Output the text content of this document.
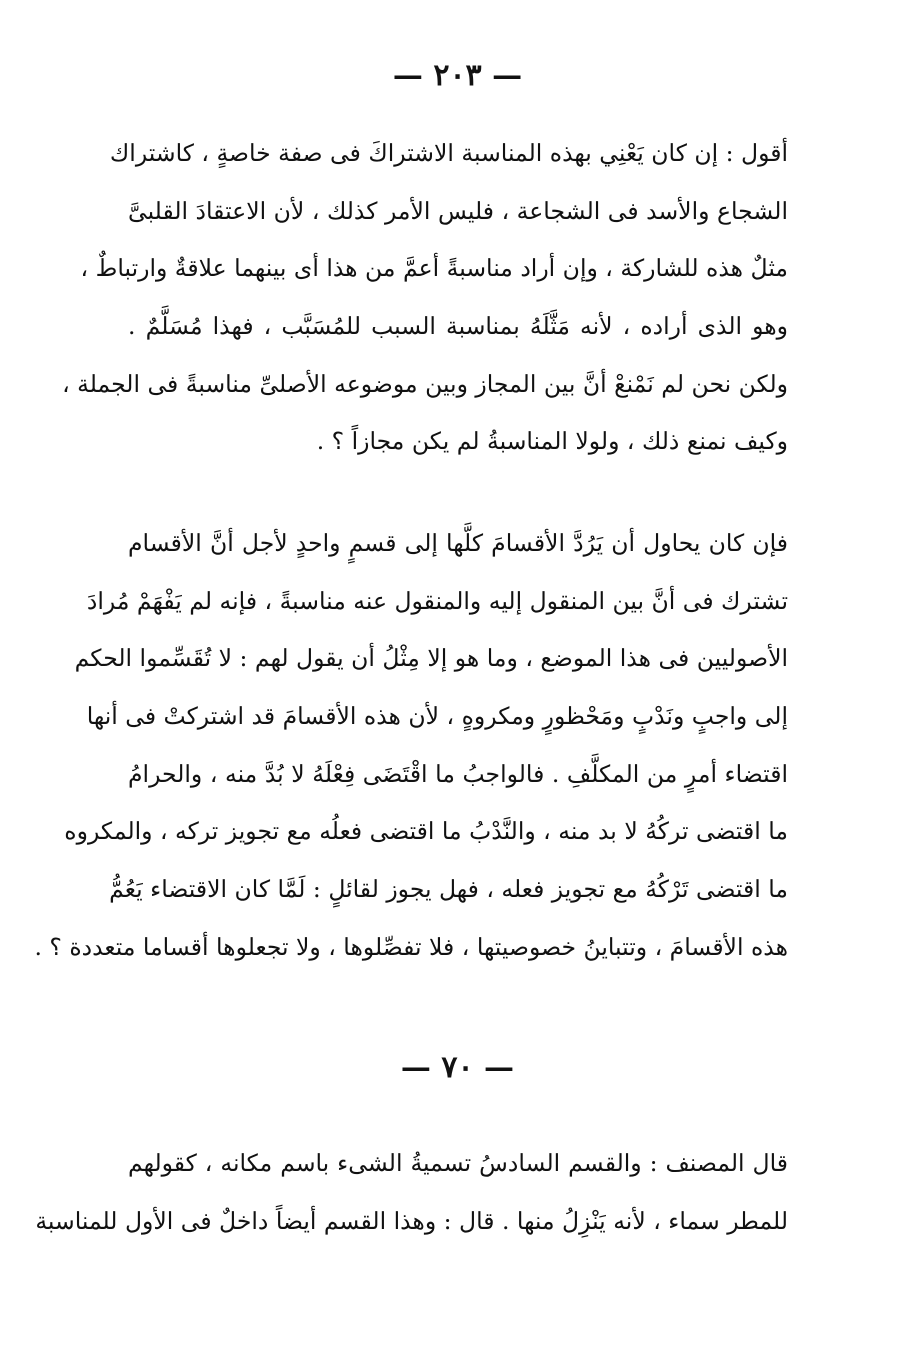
— ٢٠٣ —
أقول : إن كان يَعْنِي بهذه المناسبة الاشتراكَ فى صفة خاصةٍ ، كاشتراك
الشجاع والأسد فى الشجاعة ، فليس الأمر كذلك ، لأن الاعتقادَ القلبىَّ
مثلٌ هذه للشاركة ، وإن أراد مناسبةً أعمَّ من هذا أى بينهما علاقةٌ وارتباطٌ ،
وهو الذى أراده ، لأنه مَثَّلَهُ بمناسبة السبب للمُسَبَّب ، فهذا مُسَلَّمٌ .
ولكن نحن لم نَمْنعْ أنَّ بين المجاز وبين موضوعه الأصلىِّ مناسبةً فى الجملة ،
وكيف نمنع ذلك ، ولولا المناسبةُ لم يكن مجازاً ؟ .
فإن كان يحاول أن يَرُدَّ الأقسامَ كلَّها إلى قسمٍ واحدٍ لأجل أنَّ الأقسام
تشترك فى أنَّ بين المنقول إليه والمنقول عنه مناسبةً ، فإنه لم يَفْهَمْ مُرادَ
الأصوليين فى هذا الموضع ، وما هو إلا مِثْلُ أن يقول لهم : لا تُقَسِّموا الحكم
إلى واجبٍ ونَدْبٍ ومَحْظورٍ ومكروهٍ ، لأن هذه الأقسامَ قد اشتركتْ فى أنها
اقتضاء أمرٍ من المكلَّفِ . فالواجبُ ما اقْتَضَى فِعْلَهُ لا بُدَّ منه ، والحرامُ
ما اقتضى تركُهُ لا بد منه ، والنَّدْبُ ما اقتضى فعلُه مع تجويز تركه ، والمكروه
ما اقتضى تَرْكُهُ مع تجويز فعله ، فهل يجوز لقائلٍ : لَمَّا كان الاقتضاء يَعُمُّ
هذه الأقسامَ ، وتتباينُ خصوصيتها ، فلا تفصِّلوها ، ولا تجعلوها أقساما متعددة ؟ .
— ٧٠ —
قال المصنف : والقسم السادسُ تسميةُ الشىء باسم مكانه ، كقولهم
للمطر سماء ، لأنه يَنْزِلُ منها . قال : وهذا القسم أيضاً داخلٌ فى الأول للمناسبة
